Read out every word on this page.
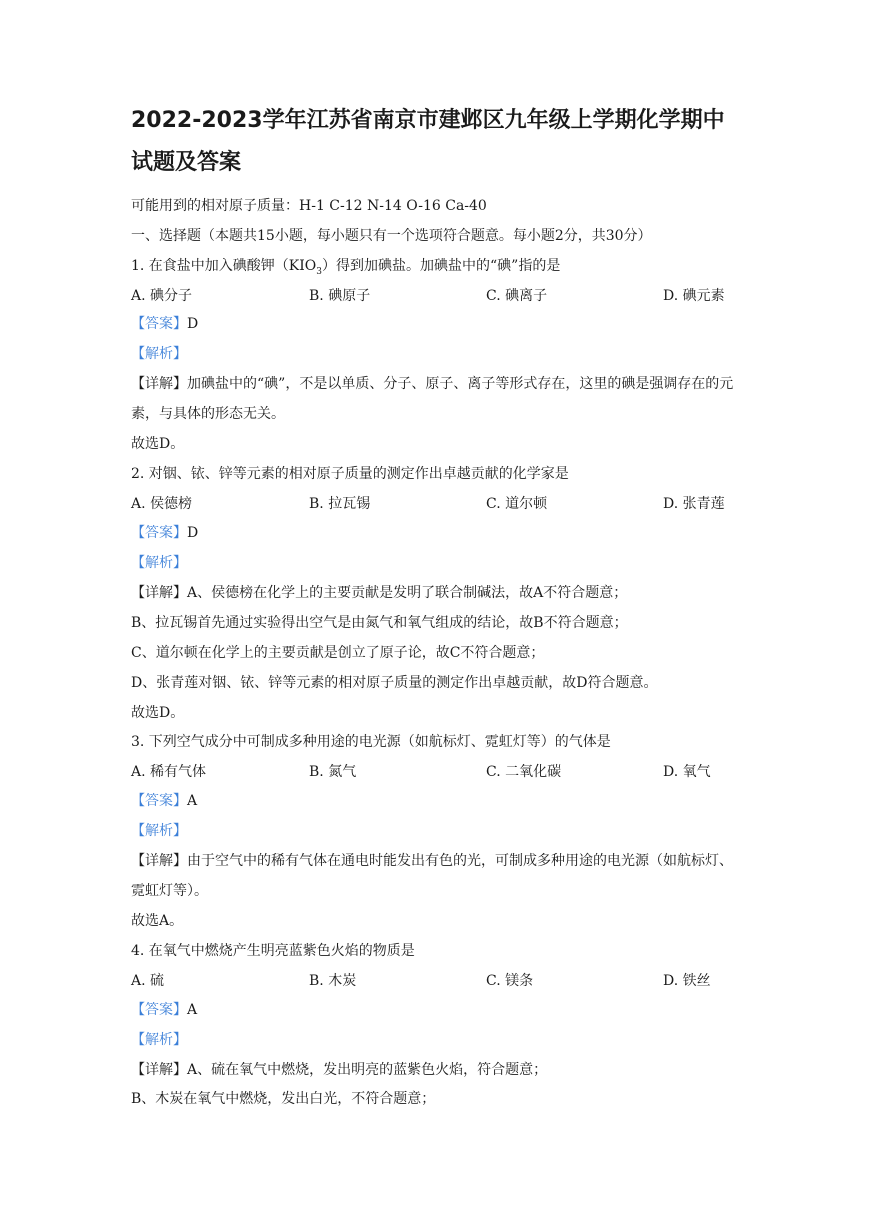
2022-2023学年江苏省南京市建邺区九年级上学期化学期中
试题及答案
可能用到的相对原子质量：H-1 C-12 N-14 O-16 Ca-40
一、选择题（本题共15小题，每小题只有一个选项符合题意。每小题2分，共30分）
1. 在食盐中加入碘酸钾$(KIO_3)$得到加碘盐。加碘盐中的“碘”指的是
A. 碘分子	B. 碘原子	C. 碘离子	D. 碘元素
【答案】D
【解析】
【详解】加碘盐中的“碘”，不是以单质、分子、原子、离子等形式存在，这里的碘是强调存在的元素，与具体的形态无关。
故选D。
2. 对铟、铱、锌等元素的相对原子质量的测定作出卓越贡献的化学家是
A. 侯德榜	B. 拉瓦锡	C. 道尔顿	D. 张青莲
【答案】D
【解析】
【详解】A、侯德榜在化学上的主要贡献是发明了联合制碱法，故A不符合题意；
B、拉瓦锡首先通过实验得出空气是由氮气和氧气组成的结论，故B不符合题意；
C、道尔顿在化学上的主要贡献是创立了原子论，故C不符合题意；
D、张青莲对铟、铱、锌等元素的相对原子质量的测定作出卓越贡献，故D符合题意。
故选D。
3. 下列空气成分中可制成多种用途的电光源（如航标灯、霓虹灯等）的气体是
A. 稀有气体	B. 氮气	C. 二氧化碳	D. 氧气
【答案】A
【解析】
【详解】由于空气中的稀有气体在通电时能发出有色的光，可制成多种用途的电光源（如航标灯、霓虹灯等）。
故选A。
4. 在氧气中燃烧产生明亮蓝紫色火焰的物质是
A. 硫	B. 木炭	C. 镁条	D. 铁丝
【答案】A
【解析】
【详解】A、硫在氧气中燃烧，发出明亮的蓝紫色火焰，符合题意；
B、木炭在氧气中燃烧，发出白光，不符合题意；
